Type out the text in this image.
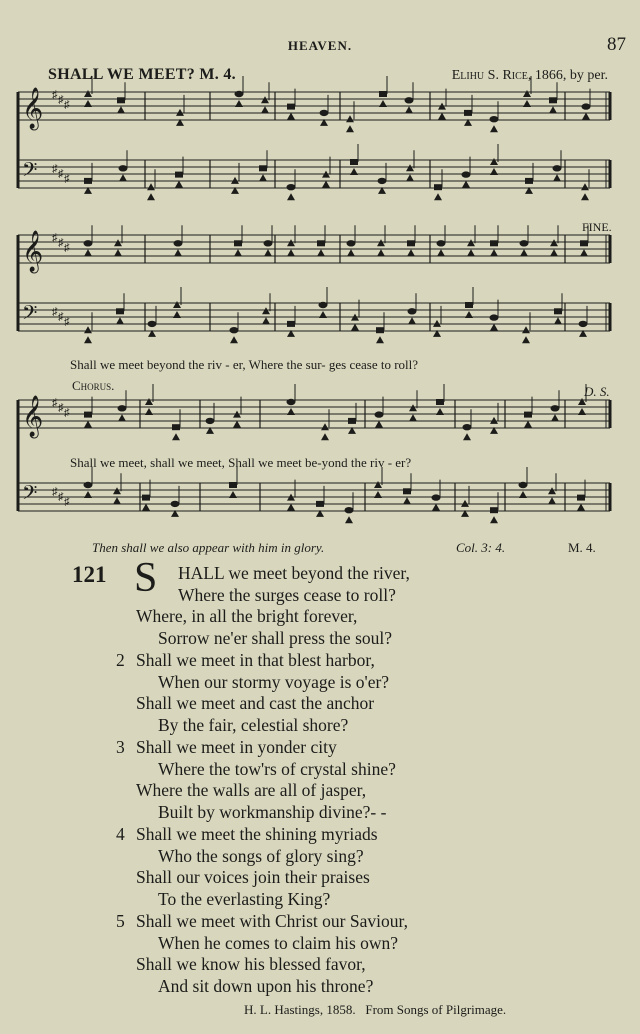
HEAVEN.	87
SHALL WE MEET? M. 4.	Elihu S. Rice, 1866, by per.
𝄞 ♯ ♯ ♯
𝄢 ♯ ♯ ♯
𝄞 ♯ ♯ ♯
𝄢 ♯ ♯ ♯
𝄞 ♯ ♯ ♯
𝄢 ♯ ♯ ♯
FINE.
Shall we meet beyond the riv - er, Where the sur- ges cease to roll?
Chorus.	D. S.
Shall we meet, shall we meet, Shall we meet be-yond the riv - er?
Then shall we also appear with him in glory.	Col. 3: 4.	M. 4.
121 S HALL we meet beyond the river,
Where the surges cease to roll?
Where, in all the bright forever,
Sorrow ne'er shall press the soul?
2 Shall we meet in that blest harbor,
When our stormy voyage is o'er?
Shall we meet and cast the anchor
By the fair, celestial shore?
3 Shall we meet in yonder city
Where the tow'rs of crystal shine?
Where the walls are all of jasper,
Built by workmanship divine?- -
4 Shall we meet the shining myriads
Who the songs of glory sing?
Shall our voices join their praises
To the everlasting King?
5 Shall we meet with Christ our Saviour,
When he comes to claim his own?
Shall we know his blessed favor,
And sit down upon his throne?
H. L. Hastings, 1858. From Songs of Pilgrimage.
